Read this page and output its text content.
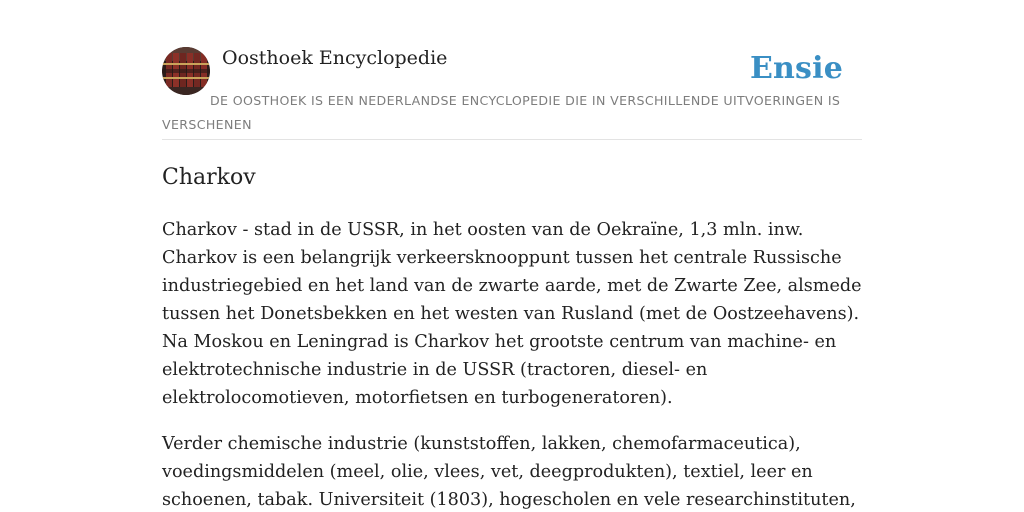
Oosthoek Encyclopedie	Ensie

DE OOSTHOEK IS EEN NEDERLANDSE ENCYCLOPEDIE DIE IN VERSCHILLENDE UITVOERINGEN IS VERSCHENEN

Charkov

Charkov - stad in de USSR, in het oosten van de Oekraïne, 1,3 mln. inw. Charkov is een belangrijk verkeersknooppunt tussen het centrale Russische industriegebied en het land van de zwarte aarde, met de Zwarte Zee, alsmede tussen het Donetsbekken en het westen van Rusland (met de Oostzeehavens). Na Moskou en Leningrad is Charkov het grootste centrum van machine- en elektrotechnische industrie in de USSR (tractoren, diesel- en elektrolocomotieven, motorfietsen en turbogeneratoren).

Verder chemische industrie (kunststoffen, lakken, chemofarmaceutica), voedingsmiddelen (meel, olie, vlees, vet, deegprodukten), textiel, leer en schoenen, tabak. Universiteit (1803), hogescholen en vele researchinstituten,
